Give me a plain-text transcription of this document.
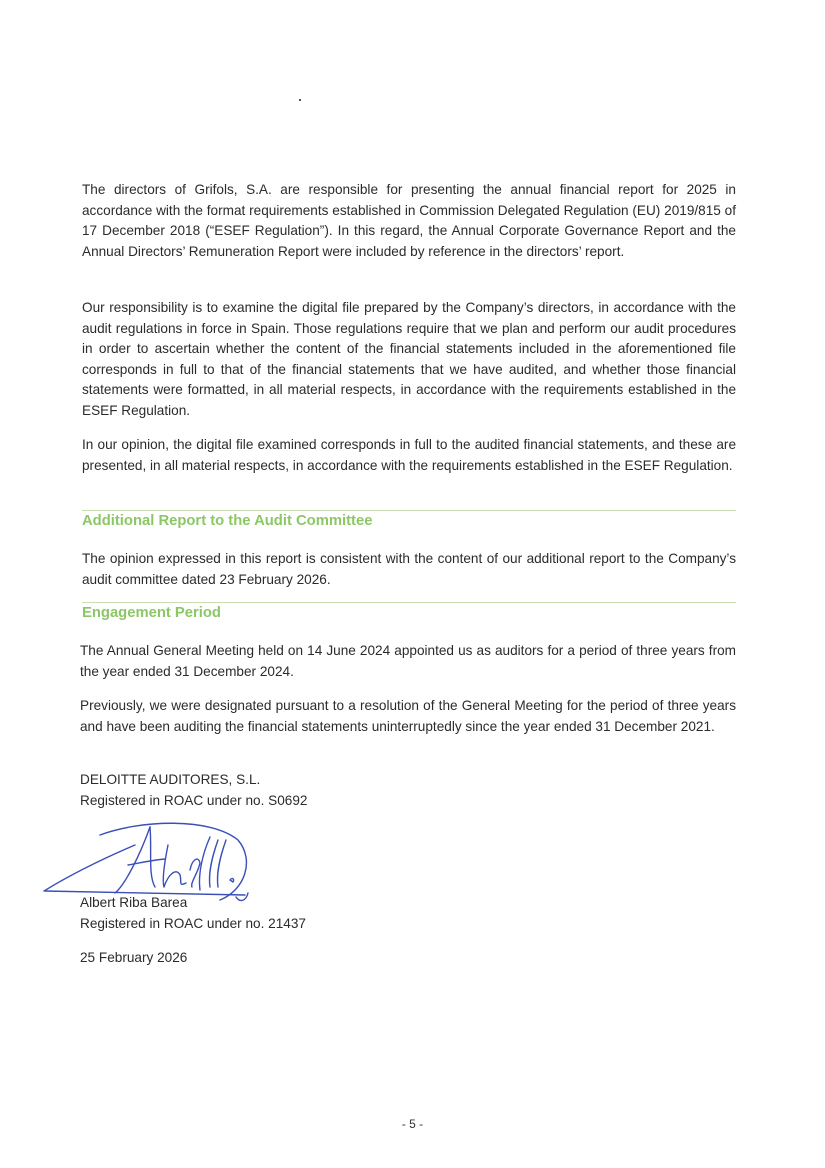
The directors of Grifols, S.A. are responsible for presenting the annual financial report for 2025 in accordance with the format requirements established in Commission Delegated Regulation (EU) 2019/815 of 17 December 2018 (“ESEF Regulation”). In this regard, the Annual Corporate Governance Report and the Annual Directors’ Remuneration Report were included by reference in the directors’ report.

Our responsibility is to examine the digital file prepared by the Company’s directors, in accordance with the audit regulations in force in Spain. Those regulations require that we plan and perform our audit procedures in order to ascertain whether the content of the financial statements included in the aforementioned file corresponds in full to that of the financial statements that we have audited, and whether those financial statements were formatted, in all material respects, in accordance with the requirements established in the ESEF Regulation.

In our opinion, the digital file examined corresponds in full to the audited financial statements, and these are presented, in all material respects, in accordance with the requirements established in the ESEF Regulation.

Additional Report to the Audit Committee

The opinion expressed in this report is consistent with the content of our additional report to the Company’s audit committee dated 23 February 2026.

Engagement Period

The Annual General Meeting held on 14 June 2024 appointed us as auditors for a period of three years from the year ended 31 December 2024.

Previously, we were designated pursuant to a resolution of the General Meeting for the period of three years and have been auditing the financial statements uninterruptedly since the year ended 31 December 2021.

DELOITTE AUDITORES, S.L.

Registered in ROAC under no. S0692

Albert Riba Barea

Registered in ROAC under no. 21437

25 February 2026

- 5 -
